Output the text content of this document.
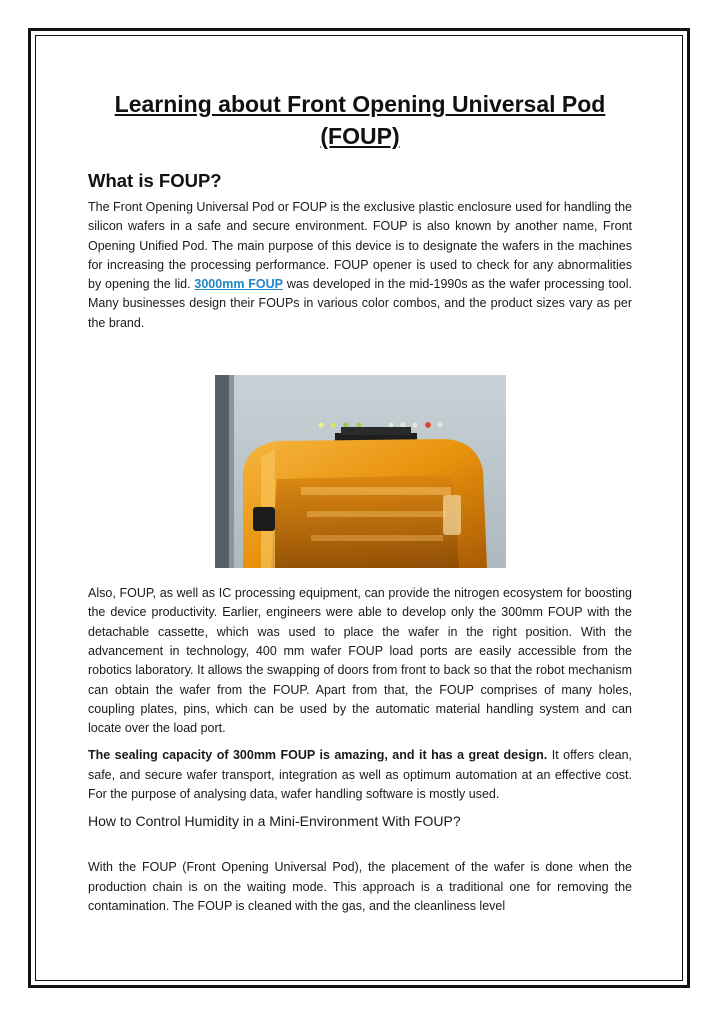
Learning about Front Opening Universal Pod (FOUP)
What is FOUP?

The Front Opening Universal Pod or FOUP is the exclusive plastic enclosure used for handling the silicon wafers in a safe and secure environment. FOUP is also known by another name, Front Opening Unified Pod. The main purpose of this device is to designate the wafers in the machines for increasing the processing performance. FOUP opener is used to check for any abnormalities by opening the lid. 3000mm FOUP was developed in the mid-1990s as the wafer processing tool. Many businesses design their FOUPs in various color combos, and the product sizes vary as per the brand.

Also, FOUP, as well as IC processing equipment, can provide the nitrogen ecosystem for boosting the device productivity. Earlier, engineers were able to develop only the 300mm FOUP with the detachable cassette, which was used to place the wafer in the right position. With the advancement in technology, 400 mm wafer FOUP load ports are easily accessible from the robotics laboratory. It allows the swapping of doors from front to back so that the robot mechanism can obtain the wafer from the FOUP. Apart from that, the FOUP comprises of many holes, coupling plates, pins, which can be used by the automatic material handling system and can locate over the load port.

The sealing capacity of 300mm FOUP is amazing, and it has a great design. It offers clean, safe, and secure wafer transport, integration as well as optimum automation at an effective cost. For the purpose of analysing data, wafer handling software is mostly used.

How to Control Humidity in a Mini-Environment With FOUP?

With the FOUP (Front Opening Universal Pod), the placement of the wafer is done when the production chain is on the waiting mode. This approach is a traditional one for removing the contamination. The FOUP is cleaned with the gas, and the cleanliness level
